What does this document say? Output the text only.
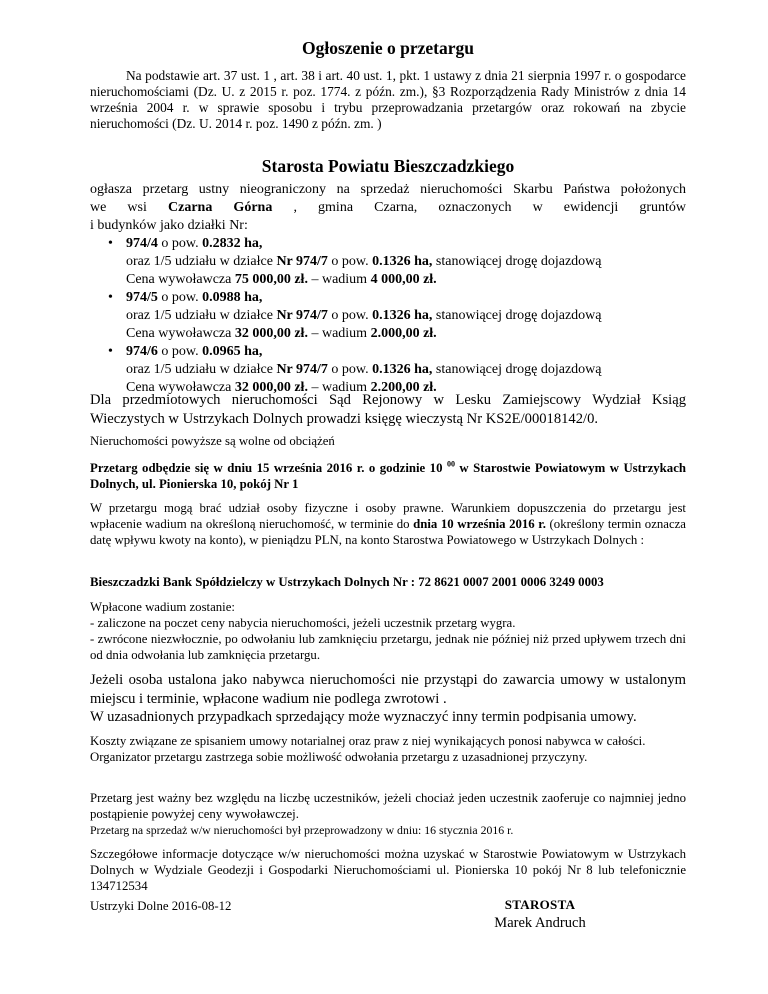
Ogłoszenie o przetargu

Na podstawie art. 37 ust. 1 , art. 38 i art. 40 ust. 1, pkt. 1 ustawy z dnia 21 sierpnia 1997 r. o gospodarce nieruchomościami (Dz. U. z 2015 r. poz. 1774. z późn. zm.), §3 Rozporządzenia Rady Ministrów z dnia 14 września 2004 r. w sprawie sposobu i trybu przeprowadzania przetargów oraz rokowań na zbycie nieruchomości (Dz. U. 2014 r. poz. 1490 z późn. zm. )

Starosta Powiatu Bieszczadzkiego
ogłasza przetarg ustny nieograniczony na sprzedaż nieruchomości Skarbu Państwa położonych
we wsi Czarna Górna , gmina Czarna, oznaczonych w ewidencji gruntów
i budynków jako działki Nr:
• 974/4 o pow. 0.2832 ha,
oraz 1/5 udziału w działce Nr 974/7 o pow. 0.1326 ha, stanowiącej drogę dojazdową
Cena wywoławcza 75 000,00 zł. – wadium 4 000,00 zł.
• 974/5 o pow. 0.0988 ha,
oraz 1/5 udziału w działce Nr 974/7 o pow. 0.1326 ha, stanowiącej drogę dojazdową
Cena wywoławcza 32 000,00 zł. – wadium 2.000,00 zł.
• 974/6 o pow. 0.0965 ha,
oraz 1/5 udziału w działce Nr 974/7 o pow. 0.1326 ha, stanowiącej drogę dojazdową
Cena wywoławcza 32 000,00 zł. – wadium 2.200,00 zł.
Dla przedmiotowych nieruchomości Sąd Rejonowy w Lesku Zamiejscowy Wydział Ksiąg Wieczystych w Ustrzykach Dolnych prowadzi księgę wieczystą Nr KS2E/00018142/0.
Nieruchomości powyższe są wolne od obciążeń
Przetarg odbędzie się w dniu 15 września 2016 r. o godzinie 10 $^{00}$ w Starostwie Powiatowym w Ustrzykach Dolnych, ul. Pionierska 10, pokój Nr 1
W przetargu mogą brać udział osoby fizyczne i osoby prawne. Warunkiem dopuszczenia do przetargu jest wpłacenie wadium na określoną nieruchomość, w terminie do dnia 10 września 2016 r. (określony termin oznacza datę wpływu kwoty na konto), w pieniądzu PLN, na konto Starostwa Powiatowego w Ustrzykach Dolnych :
Bieszczadzki Bank Spółdzielczy w Ustrzykach Dolnych Nr : 72 8621 0007 2001 0006 3249 0003

Wpłacone wadium zostanie:

- zaliczone na poczet ceny nabycia nieruchomości, jeżeli uczestnik przetarg wygra.

- zwrócone niezwłocznie, po odwołaniu lub zamknięciu przetargu, jednak nie później niż przed upływem trzech dni od dnia odwołania lub zamknięcia przetargu.

Jeżeli osoba ustalona jako nabywca nieruchomości nie przystąpi do zawarcia umowy w ustalonym miejscu i terminie, wpłacone wadium nie podlega zwrotowi .

W uzasadnionych przypadkach sprzedający może wyznaczyć inny termin podpisania umowy.

Koszty związane ze spisaniem umowy notarialnej oraz praw z niej wynikających ponosi nabywca w całości.

Organizator przetargu zastrzega sobie możliwość odwołania przetargu z uzasadnionej przyczyny.

Przetarg jest ważny bez względu na liczbę uczestników, jeżeli chociaż jeden uczestnik zaoferuje co najmniej jedno postąpienie powyżej ceny wywoławczej.

Przetarg na sprzedaż w/w nieruchomości był przeprowadzony w dniu: 16 stycznia 2016 r.

Szczegółowe informacje dotyczące w/w nieruchomości można uzyskać w Starostwie Powiatowym w Ustrzykach Dolnych w Wydziale Geodezji i Gospodarki Nieruchomościami ul. Pionierska 10 pokój Nr 8 lub telefonicznie 134712534
Ustrzyki Dolne 2016-08-12	STAROSTA
Marek Andruch
